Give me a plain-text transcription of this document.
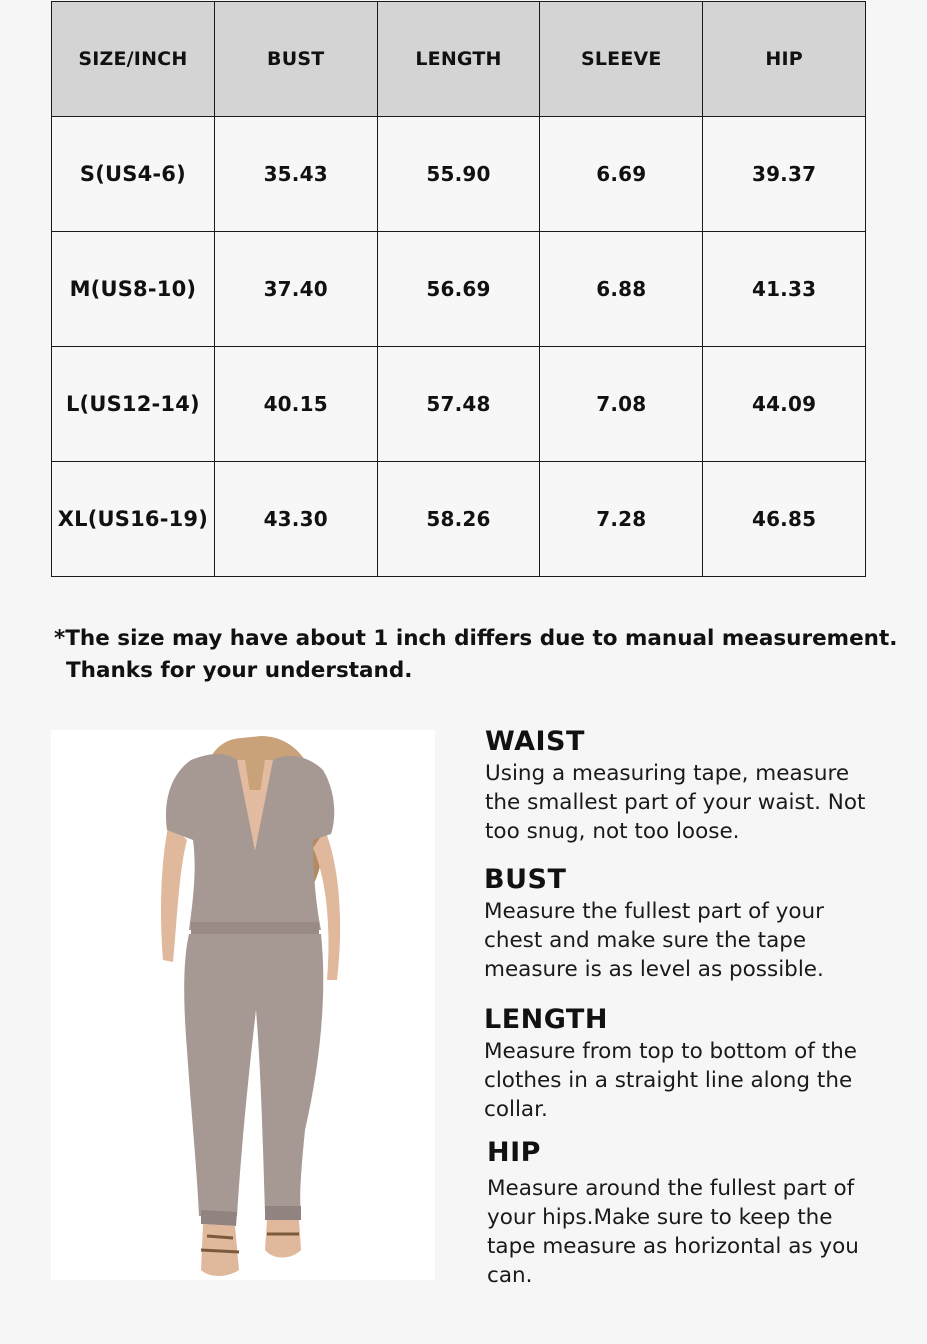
SIZE/INCH	BUST	LENGTH	SLEEVE	HIP
S(US4-6)	35.43	55.90	6.69	39.37
M(US8-10)	37.40	56.69	6.88	41.33
L(US12-14)	40.15	57.48	7.08	44.09
XL(US16-19)	43.30	58.26	7.28	46.85
*The size may have about 1 inch differs due to manual measurement.
Thanks for your understand.
WAIST

Using a measuring tape, measure the smallest part of your waist. Not too snug, not too loose.

BUST

Measure the fullest part of your chest and make sure the tape measure is as level as possible.

LENGTH

Measure from top to bottom of the clothes in a straight line along the collar.

HIP

Measure around the fullest part of your hips.Make sure to keep the tape measure as horizontal as you can.
